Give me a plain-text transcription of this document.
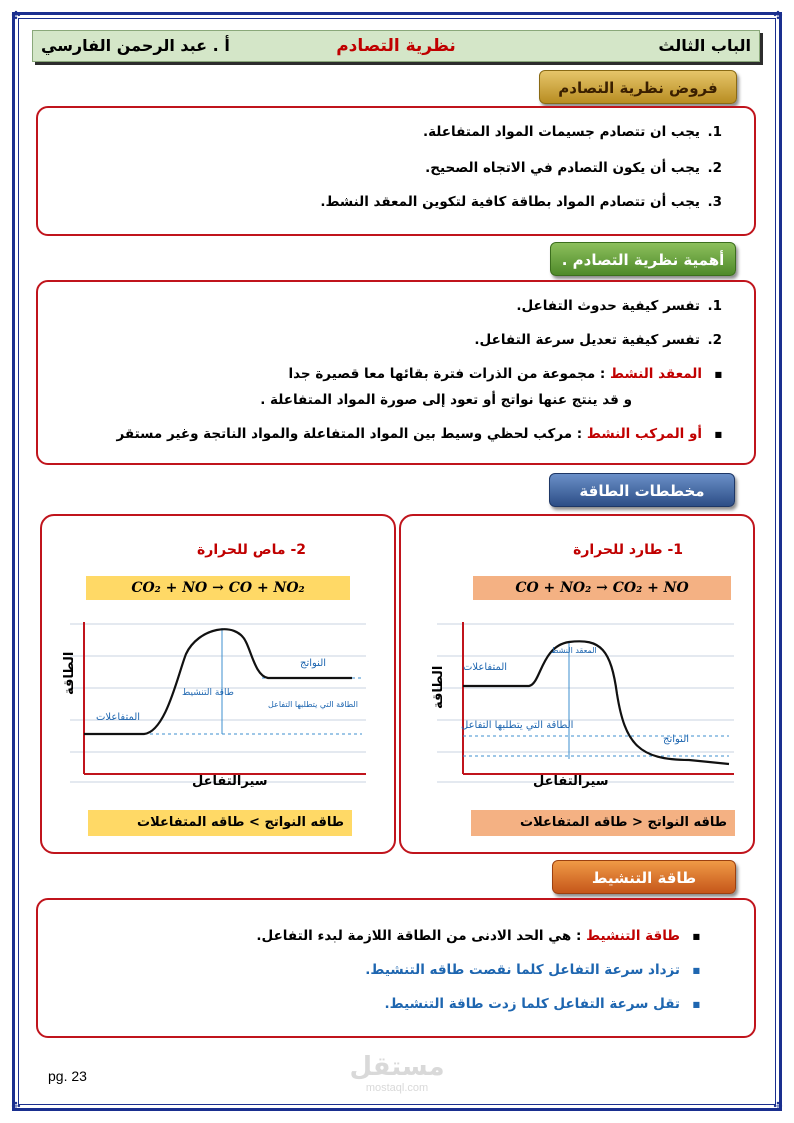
✣	✣
✣	✣
الباب الثالث
نظرية التصادم
أ . عبد الرحمن الفارسي
فروض نظرية التصادم
1.يجب ان تتصادم جسيمات المواد المتفاعلة.
2.يجب أن يكون التصادم في الاتجاه الصحيح.
3.يجب أن تتصادم المواد بطاقة كافية لتكوين المعقد النشط.
أهمية نظرية التصادم .
1.تفسر كيفية حدوث التفاعل.
2.تفسر كيفية تعديل سرعة التفاعل.
■المعقد النشط : مجموعة من الذرات فترة بقائها معا قصيرة جدا
و قد ينتج عنها نواتج أو تعود إلى صورة المواد المتفاعلة .
■أو المركب النشط : مركب لحظي وسيط بين المواد المتفاعلة والمواد الناتجة وغير مستقر
مخططات الطاقة
1- طارد للحرارة
CO + NO₂ → CO₂ + NO
الطاقة
سيرالتفاعل
المتفاعلات
المعقد النشط
الطاقة التي يتطلبها التفاعل
النواتج
طاقه النواتج < طاقه المتفاعلات
2- ماص للحرارة
CO₂ + NO → CO + NO₂
الطاقة
سيرالتفاعل
المتفاعلات
طاقة التنشيط
الطاقة التي يتطلبها التفاعل
النواتج
طاقه النواتج > طاقه المتفاعلات
طاقة التنشيط
■طاقة التنشيط : هي الحد الادنى من الطاقة اللازمة لبدء التفاعل.
■تزداد سرعة التفاعل كلما نقصت طاقه التنشيط.
■تقل سرعة التفاعل كلما زدت طاقة التنشيط.
pg. 23	مستقل
mostaql.com
